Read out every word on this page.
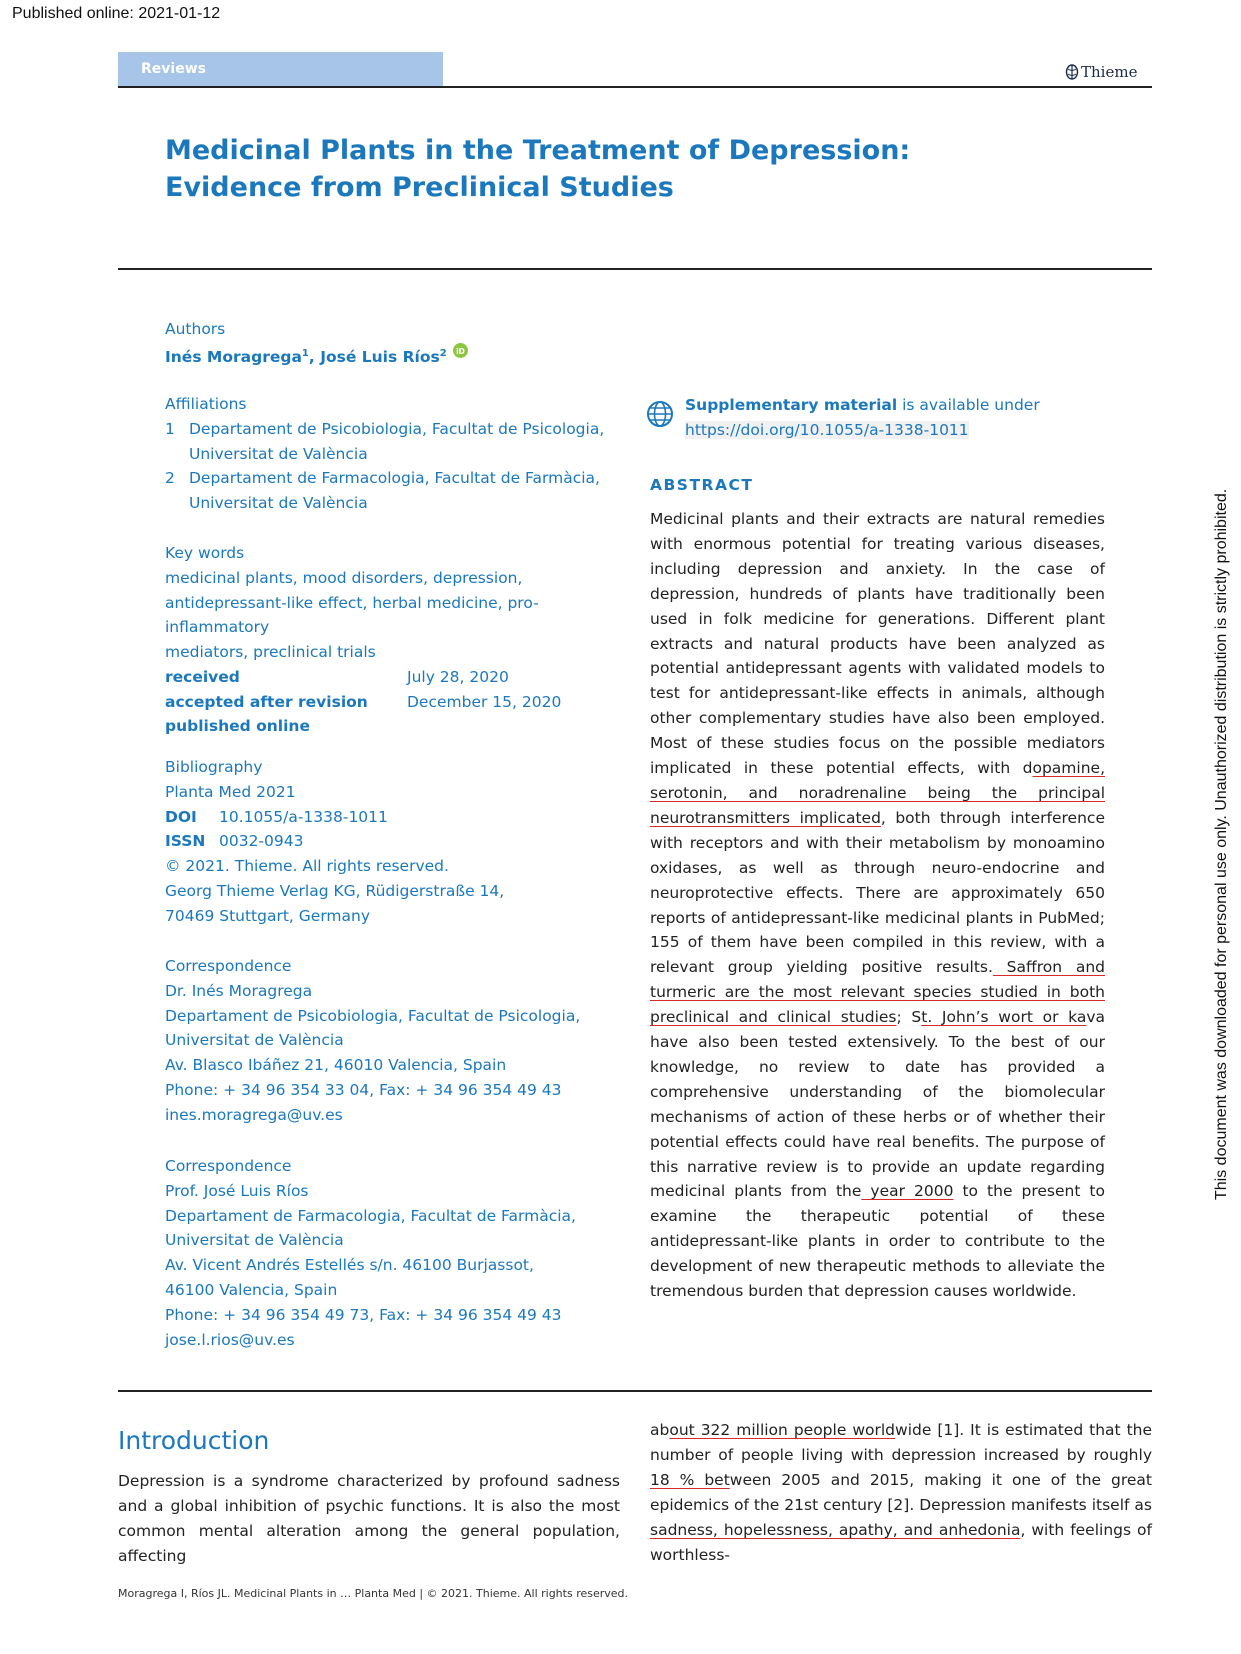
Published online: 2021-01-12
Reviews	Thieme
Medicinal Plants in the Treatment of Depression:
Evidence from Preclinical Studies
Authors
Inés Moragrega$^1$, José Luis Ríos$^2$ iD
Affiliations
1 Departament de Psicobiologia, Facultat de Psicologia,
Universitat de València
2 Departament de Farmacologia, Facultat de Farmàcia,
Universitat de València
Key words
medicinal plants, mood disorders, depression,
antidepressant-like effect, herbal medicine, pro-inflammatory
mediators, preclinical trials
received	July 28, 2020
accepted after revision	December 15, 2020
published online
Bibliography
Planta Med 2021
DOI	10.1055/a-1338-1011
ISSN 0032-0943
© 2021. Thieme. All rights reserved.
Georg Thieme Verlag KG, Rüdigerstraße 14,
70469 Stuttgart, Germany
Correspondence
Dr. Inés Moragrega
Departament de Psicobiologia, Facultat de Psicologia,
Universitat de València
Av. Blasco Ibáñez 21, 46010 Valencia, Spain
Phone: + 34 96 354 33 04, Fax: + 34 96 354 49 43
ines.moragrega@uv.es
Correspondence
Prof. José Luis Ríos
Departament de Farmacologia, Facultat de Farmàcia,
Universitat de València
Av. Vicent Andrés Estellés s/n. 46100 Burjassot,
46100 Valencia, Spain
Phone: + 34 96 354 49 73, Fax: + 34 96 354 49 43
jose.l.rios@uv.es
Supplementary material is available under
https://doi.org/10.1055/a-1338-1011
ABSTRACT
Medicinal plants and their extracts are natural remedies with enormous potential for treating various diseases, including depression and anxiety. In the case of depression, hundreds of plants have traditionally been used in folk medicine for generations. Different plant extracts and natural products have been analyzed as potential antidepressant agents with validated models to test for antidepressant-like effects in animals, although other complementary studies have also been employed. Most of these studies focus on the possible mediators implicated in these potential effects, with dopamine, serotonin, and noradrenaline being the principal neurotransmitters implicated, both through interference with receptors and with their metabolism by monoamino oxidases, as well as through neuro-endocrine and neuroprotective effects. There are approximately 650 reports of antidepressant-like medicinal plants in PubMed; 155 of them have been compiled in this review, with a relevant group yielding positive results. Saffron and turmeric are the most relevant species studied in both preclinical and clinical studies; St. John’s wort or kava have also been tested extensively. To the best of our knowledge, no review to date has provided a comprehensive understanding of the biomolecular mechanisms of action of these herbs or of whether their potential effects could have real benefits. The purpose of this narrative review is to provide an update regarding medicinal plants from the year 2000 to the present to examine the therapeutic potential of these antidepressant-like plants in order to contribute to the development of new therapeutic methods to alleviate the tremendous burden that depression causes worldwide.
Introduction
Depression is a syndrome characterized by profound sadness and a global inhibition of psychic functions. It is also the most common mental alteration among the general population, affecting
about 322 million people worldwide [1]. It is estimated that the number of people living with depression increased by roughly 18 % between 2005 and 2015, making it one of the great epidemics of the 21st century [2]. Depression manifests itself as sadness, hopelessness, apathy, and anhedonia, with feelings of worthless-
Moragrega I, Ríos JL. Medicinal Plants in … Planta Med | © 2021. Thieme. All rights reserved.
This document was downloaded for personal use only. Unauthorized distribution is strictly prohibited.
